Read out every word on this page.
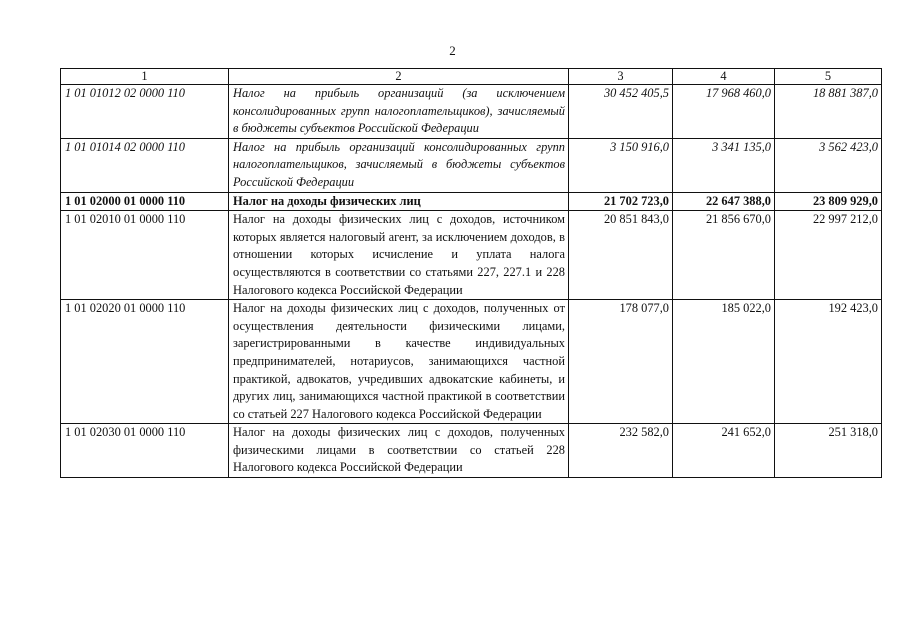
2
1	2	3	4	5
1 01 01012 02 0000 110	Налог на прибыль организаций (за исключением консолидированных групп налогоплательщиков), зачисляемый в бюджеты субъектов Российской Федерации	30 452 405,5	17 968 460,0	18 881 387,0
1 01 01014 02 0000 110	Налог на прибыль организаций консолидированных групп налогоплательщиков, зачисляемый в бюджеты субъектов Российской Федерации	3 150 916,0	3 341 135,0	3 562 423,0
1 01 02000 01 0000 110	Налог на доходы физических лиц	21 702 723,0	22 647 388,0	23 809 929,0
1 01 02010 01 0000 110	Налог на доходы физических лиц с доходов, источником которых является налоговый агент, за исключением доходов, в отношении которых исчисление и уплата налога осуществляются в соответствии со статьями 227, 227.1 и 228 Налогового кодекса Российской Федерации	20 851 843,0	21 856 670,0	22 997 212,0
1 01 02020 01 0000 110	Налог на доходы физических лиц с доходов, полученных от осуществления деятельности физическими лицами, зарегистрированными в качестве индивидуальных предпринимателей, нотариусов, занимающихся частной практикой, адвокатов, учредивших адвокатские кабинеты, и других лиц, занимающихся частной практикой в соответствии со статьей 227 Налогового кодекса Российской Федерации	178 077,0	185 022,0	192 423,0
1 01 02030 01 0000 110	Налог на доходы физических лиц с доходов, полученных физическими лицами в соответствии со статьей 228 Налогового кодекса Российской Федерации	232 582,0	241 652,0	251 318,0
